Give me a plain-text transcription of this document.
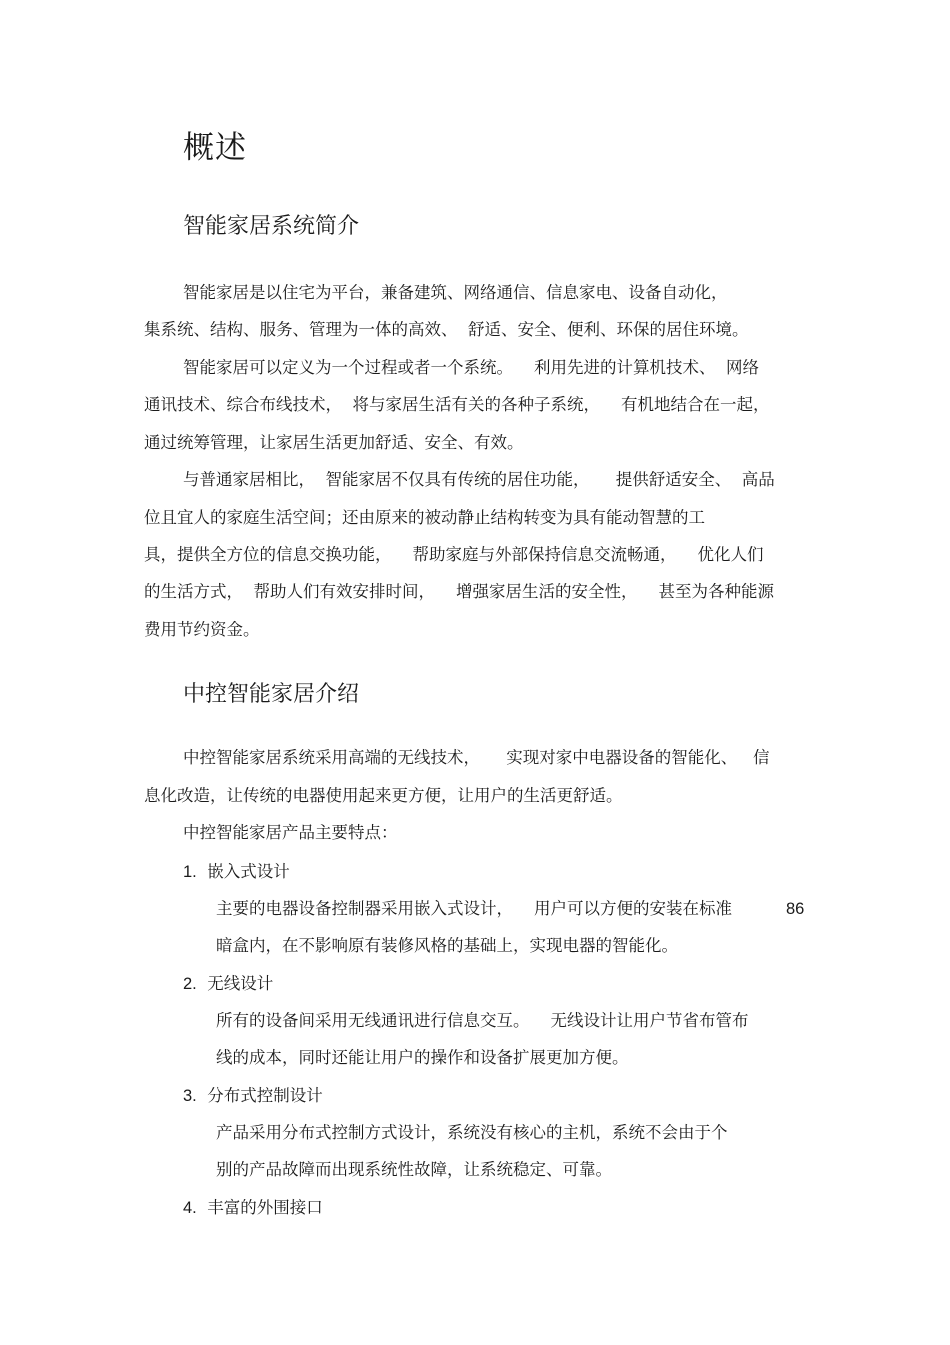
概述
智能家居系统简介

智能家居是以住宅为平台，兼备建筑、网络通信、信息家电、设备自动化，

集系统、结构、服务、管理为一体的高效、  舒适、安全、便利、环保的居住环境。

智能家居可以定义为一个过程或者一个系统。    利用先进的计算机技术、  网络

通讯技术、综合布线技术，  将与家居生活有关的各种子系统，    有机地结合在一起，

通过统筹管理，让家居生活更加舒适、安全、有效。

与普通家居相比，  智能家居不仅具有传统的居住功能，     提供舒适安全、  高品

位且宜人的家庭生活空间；还由原来的被动静止结构转变为具有能动智慧的工

具，提供全方位的信息交换功能，    帮助家庭与外部保持信息交流畅通，    优化人们

的生活方式，  帮助人们有效安排时间，    增强家居生活的安全性，    甚至为各种能源

费用节约资金。

中控智能家居介绍

中控智能家居系统采用高端的无线技术，     实现对家中电器设备的智能化、   信

息化改造，让传统的电器使用起来更方便，让用户的生活更舒适。

中控智能家居产品主要特点：

1. 嵌入式设计

主要的电器设备控制器采用嵌入式设计，    用户可以方便的安装在标准	86

暗盒内，在不影响原有装修风格的基础上，实现电器的智能化。

2. 无线设计

所有的设备间采用无线通讯进行信息交互。    无线设计让用户节省布管布

线的成本，同时还能让用户的操作和设备扩展更加方便。

3. 分布式控制设计

产品采用分布式控制方式设计，系统没有核心的主机，系统不会由于个

别的产品故障而出现系统性故障，让系统稳定、可靠。

4. 丰富的外围接口
